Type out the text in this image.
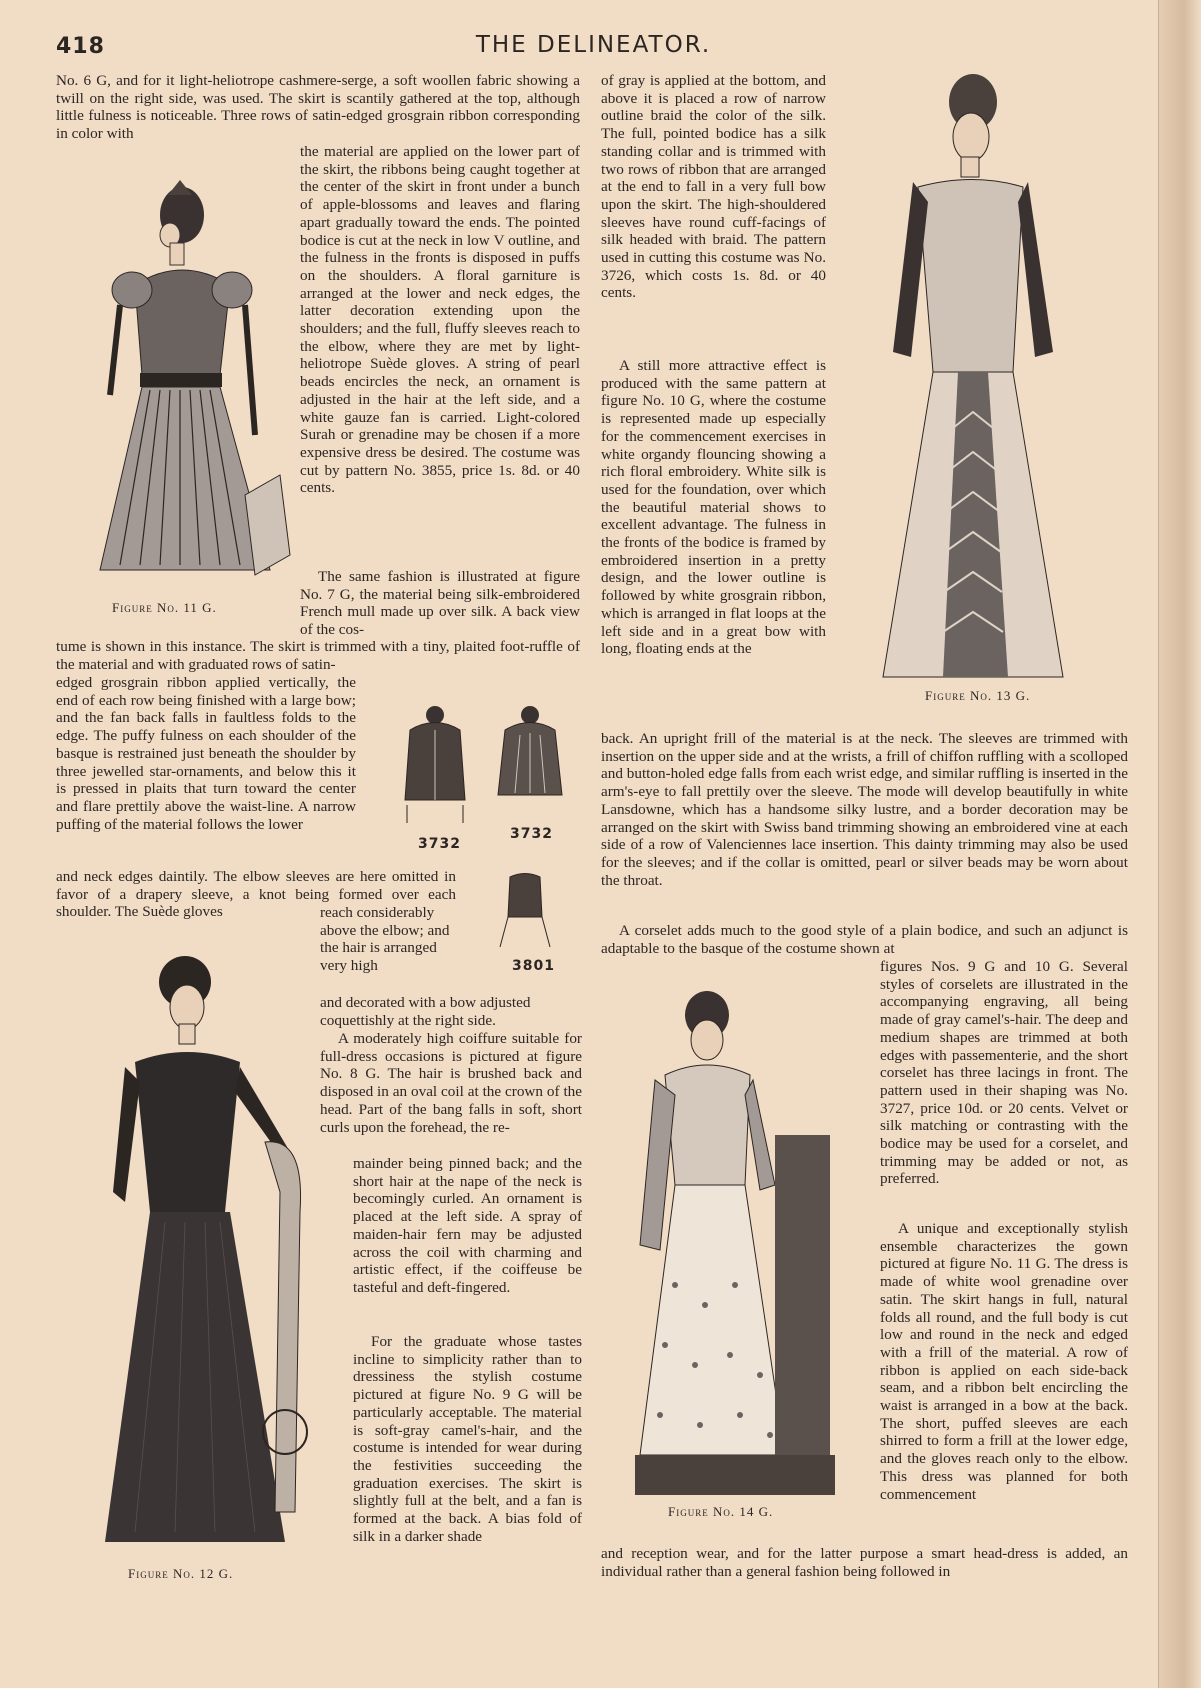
418	THE DELINEATOR.

No. 6 G, and for it light-heliotrope cashmere-serge, a soft woollen fabric showing a twill on the right side, was used. The skirt is scantily gathered at the top, although little fulness is noticeable. Three rows of satin-edged grosgrain ribbon corresponding in color with

the material are applied on the lower part of the skirt, the ribbons being caught together at the center of the skirt in front under a bunch of apple-blossoms and leaves and flaring apart gradually toward the ends. The pointed bodice is cut at the neck in low V outline, and the fulness in the fronts is disposed in puffs on the shoulders. A floral garniture is arranged at the lower and neck edges, the latter decoration extending upon the shoulders; and the full, fluffy sleeves reach to the elbow, where they are met by light-heliotrope Suède gloves. A string of pearl beads encircles the neck, an ornament is adjusted in the hair at the left side, and a white gauze fan is carried. Light-colored Surah or grenadine may be chosen if a more expensive dress be desired. The costume was cut by pattern No. 3855, price 1s. 8d. or 40 cents.

The same fashion is illustrated at figure No. 7 G, the material being silk-embroidered French mull made up over silk. A back view of the cos-

tume is shown in this instance. The skirt is trimmed with a tiny, plaited foot-ruffle of the material and with graduated rows of satin-

edged grosgrain ribbon applied vertically, the end of each row being finished with a large bow; and the fan back falls in faultless folds to the edge. The puffy fulness on each shoulder of the basque is restrained just beneath the shoulder by three jewelled star-ornaments, and below this it is pressed in plaits that turn toward the center and flare prettily above the waist-line. A narrow puffing of the material follows the lower

and neck edges daintily. The elbow sleeves are here omitted in favor of a drapery sleeve, a knot being formed over each shoulder. The Suède gloves	reach considerably above the elbow; and the hair is arranged very high

and decorated with a bow adjusted coquettishly at the right side.

A moderately high coiffure suitable for full-dress occasions is pictured at figure No. 8 G. The hair is brushed back and disposed in an oval coil at the crown of the head. Part of the bang falls in soft, short curls upon the forehead, the re-

mainder being pinned back; and the short hair at the nape of the neck is becomingly curled. An ornament is placed at the left side. A spray of maiden-hair fern may be adjusted across the coil with charming and artistic effect, if the coiffeuse be tasteful and deft-fingered.

For the graduate whose tastes incline to simplicity rather than to dressiness the stylish costume pictured at figure No. 9 G will be particularly acceptable. The material is soft-gray camel's-hair, and the costume is intended for wear during the festivities succeeding the graduation exercises. The skirt is slightly full at the belt, and a fan is formed at the back. A bias fold of silk in a darker shade

of gray is applied at the bottom, and above it is placed a row of narrow outline braid the color of the silk. The full, pointed bodice has a silk standing collar and is trimmed with two rows of ribbon that are arranged at the end to fall in a very full bow upon the skirt. The high-shouldered sleeves have round cuff-facings of silk headed with braid. The pattern used in cutting this costume was No. 3726, which costs 1s. 8d. or 40 cents.

A still more attractive effect is produced with the same pattern at figure No. 10 G, where the costume is represented made up especially for the commencement exercises in white organdy flouncing showing a rich floral embroidery. White silk is used for the foundation, over which the beautiful material shows to excellent advantage. The fulness in the fronts of the bodice is framed by embroidered insertion in a pretty design, and the lower outline is followed by white grosgrain ribbon, which is arranged in flat loops at the left side and in a great bow with long, floating ends at the

back. An upright frill of the material is at the neck. The sleeves are trimmed with insertion on the upper side and at the wrists, a frill of chiffon ruffling with a scolloped and button-holed edge falls from each wrist edge, and similar ruffling is inserted in the arm's-eye to fall prettily over the sleeve. The mode will develop beautifully in white Lansdowne, which has a handsome silky lustre, and a border decoration may be arranged on the skirt with Swiss band trimming showing an embroidered vine at each side of a row of Valenciennes lace insertion. This dainty trimming may also be used for the sleeves; and if the collar is omitted, pearl or silver beads may be worn about the throat.

A corselet adds much to the good style of a plain bodice, and such an adjunct is adaptable to the basque of the costume shown at

figures Nos. 9 G and 10 G. Several styles of corselets are illustrated in the accompanying engraving, all being made of gray camel's-hair. The deep and medium shapes are trimmed at both edges with passementerie, and the short corselet has three lacings in front. The pattern used in their shaping was No. 3727, price 10d. or 20 cents. Velvet or silk matching or contrasting with the bodice may be used for a corselet, and trimming may be added or not, as preferred.

A unique and exceptionally stylish ensemble characterizes the gown pictured at figure No. 11 G. The dress is made of white wool grenadine over satin. The skirt hangs in full, natural folds all round, and the full body is cut low and round in the neck and edged with a frill of the material. A row of ribbon is applied on each side-back seam, and a ribbon belt encircling the waist is arranged in a bow at the back. The short, puffed sleeves are each shirred to form a frill at the lower edge, and the gloves reach only to the elbow. This dress was planned for both commencement

and reception wear, and for the latter purpose a smart head-dress is added, an individual rather than a general fashion being followed in

Figure No. 11 G.
3732
3732
3801
Figure No. 12 G.
Figure No. 13 G.
Figure No. 14 G.
